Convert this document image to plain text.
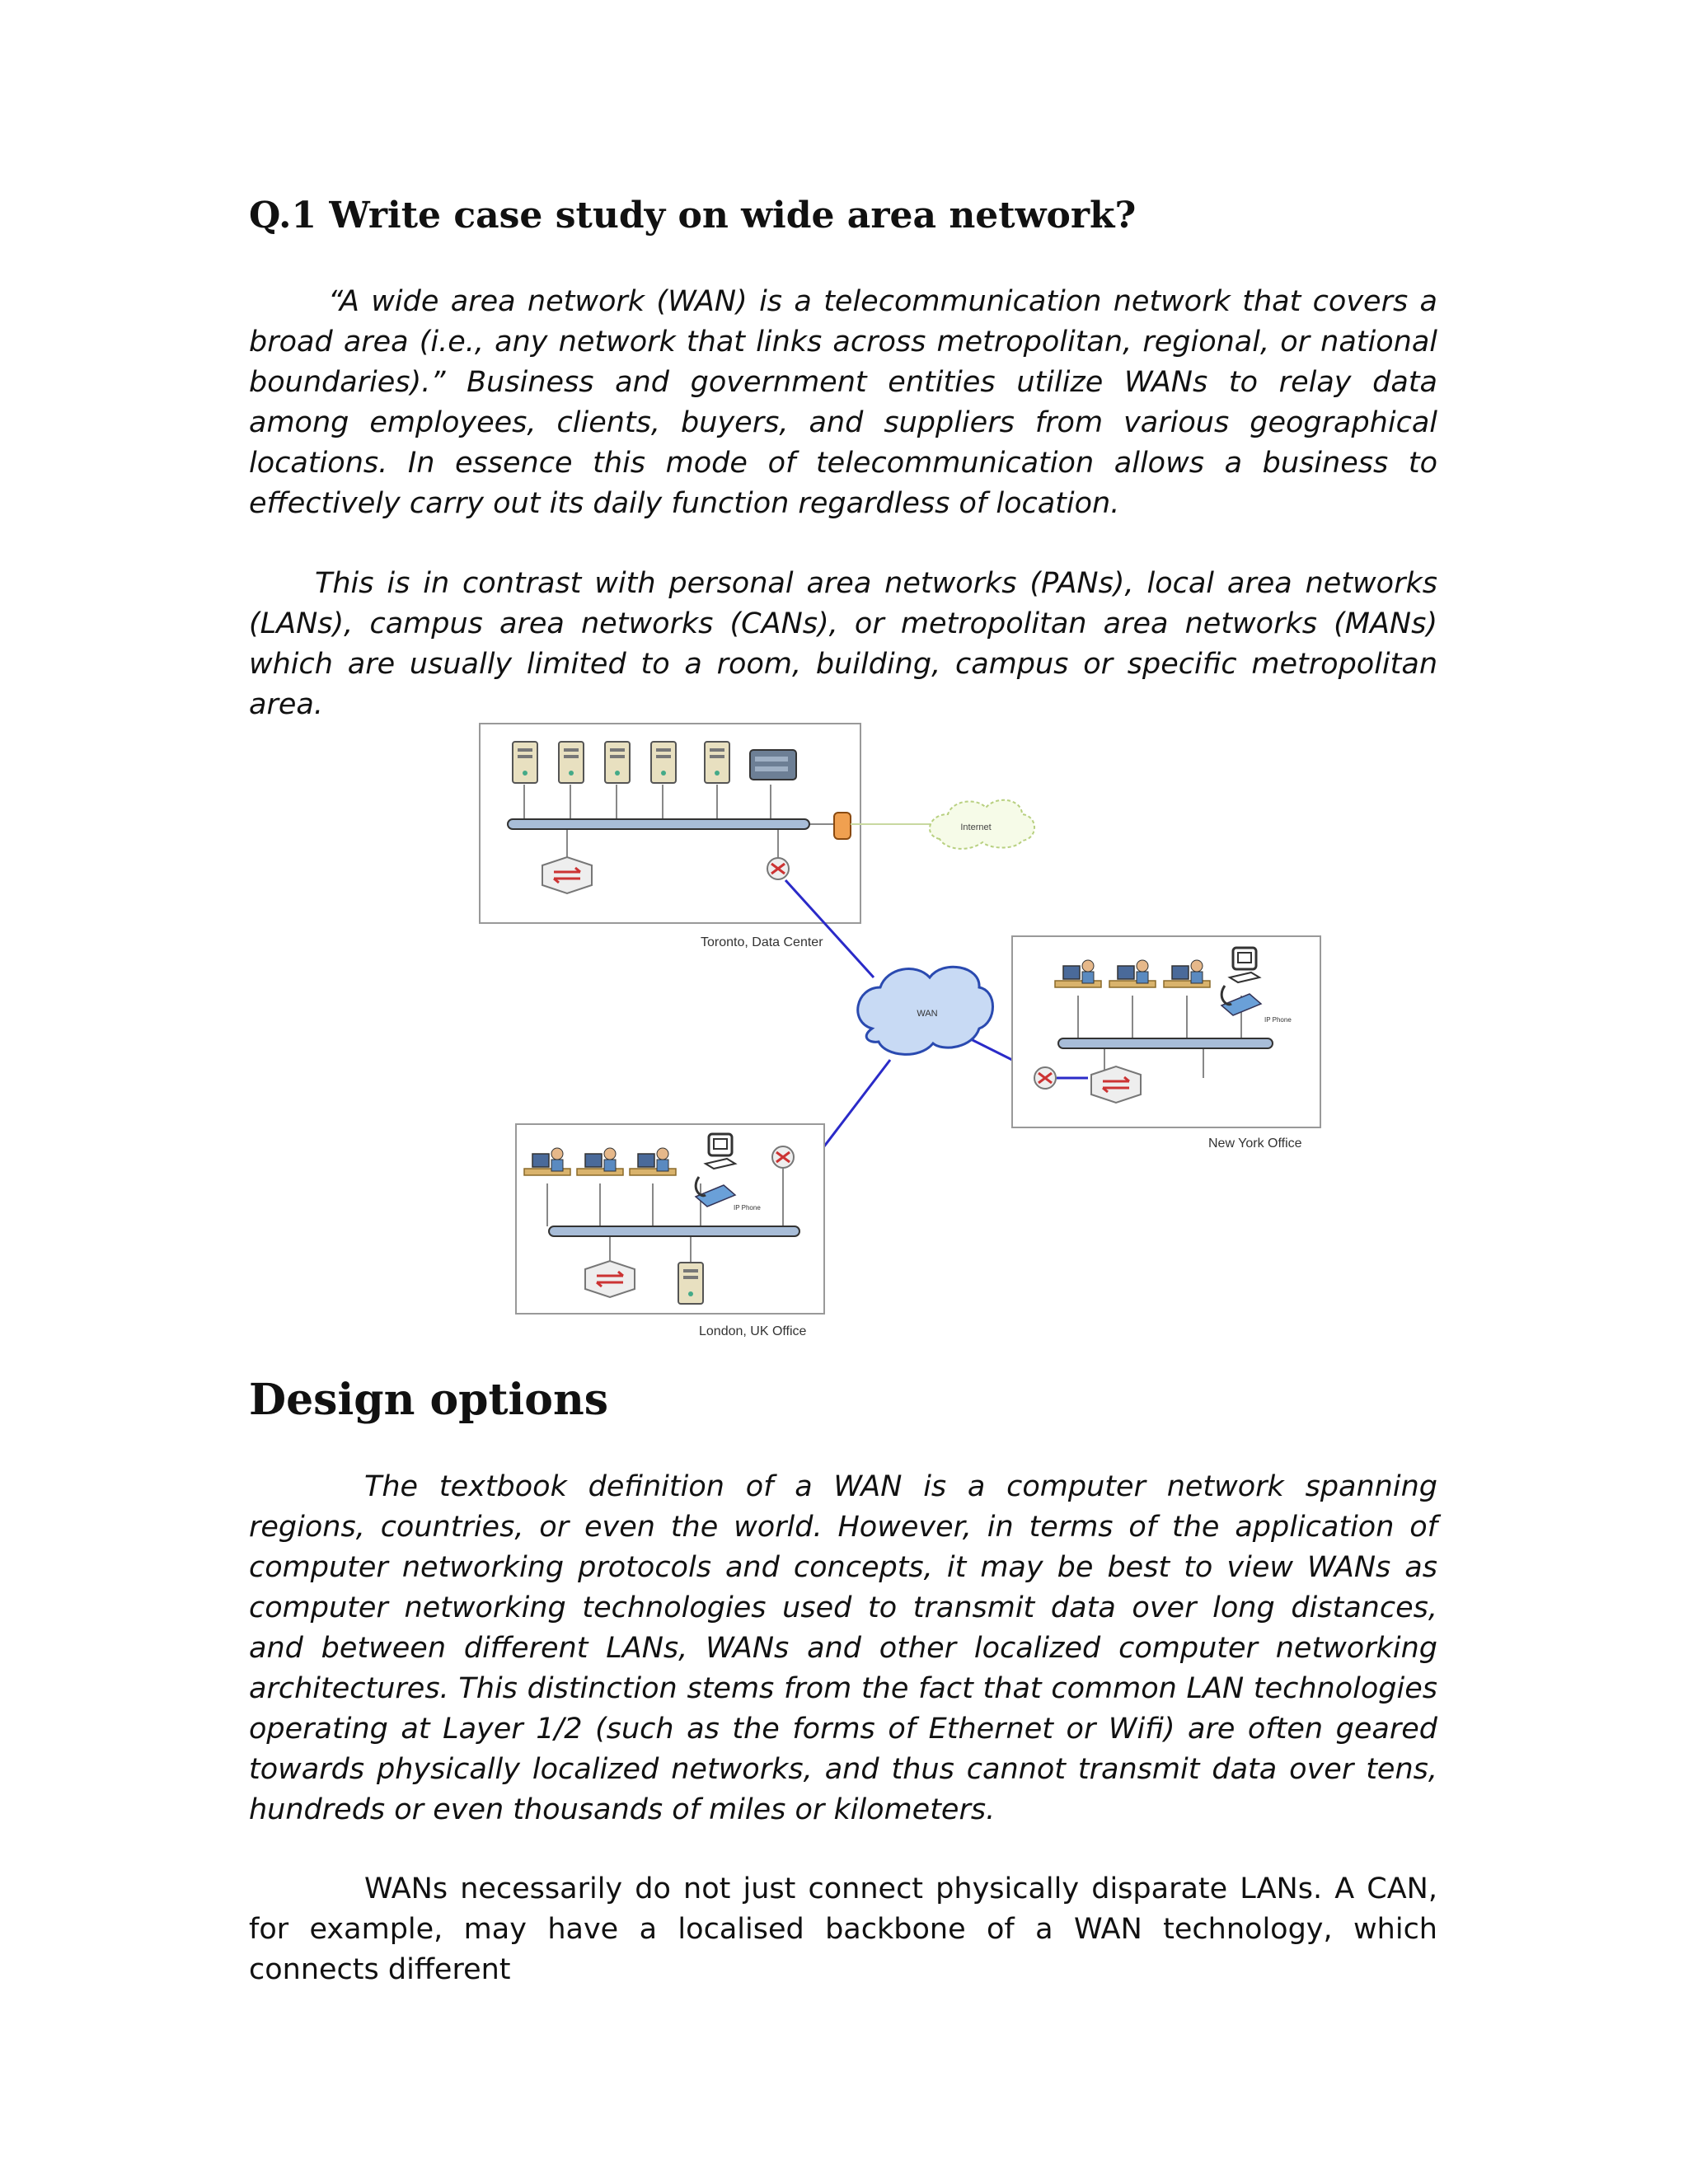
Q.1 Write case study on wide area network?

“A wide area network (WAN) is a telecommunication network that covers a broad area (i.e., any network that links across metropolitan, regional, or national boundaries).” Business and government entities utilize WANs to relay data among employees, clients, buyers, and suppliers from various geographical locations. In essence this mode of telecommunication allows a business to effectively carry out its daily function regardless of location.

This is in contrast with personal area networks (PANs), local area networks (LANs), campus area networks (CANs), or metropolitan area networks (MANs) which are usually limited to a room, building, campus or specific metropolitan area.

Internet
Toronto, Data Center
WAN
IP Phone
New York Office
IP Phone
London, UK Office
Design options

The textbook definition of a WAN is a computer network spanning regions, countries, or even the world. However, in terms of the application of computer networking protocols and concepts, it may be best to view WANs as computer networking technologies used to transmit data over long distances, and between different LANs, WANs and other localized computer networking architectures. This distinction stems from the fact that common LAN technologies operating at Layer 1/2 (such as the forms of Ethernet or Wifi) are often geared towards physically localized networks, and thus cannot transmit data over tens, hundreds or even thousands of miles or kilometers.

WANs necessarily do not just connect physically disparate LANs. A CAN, for example, may have a localised backbone of a WAN technology, which connects different
